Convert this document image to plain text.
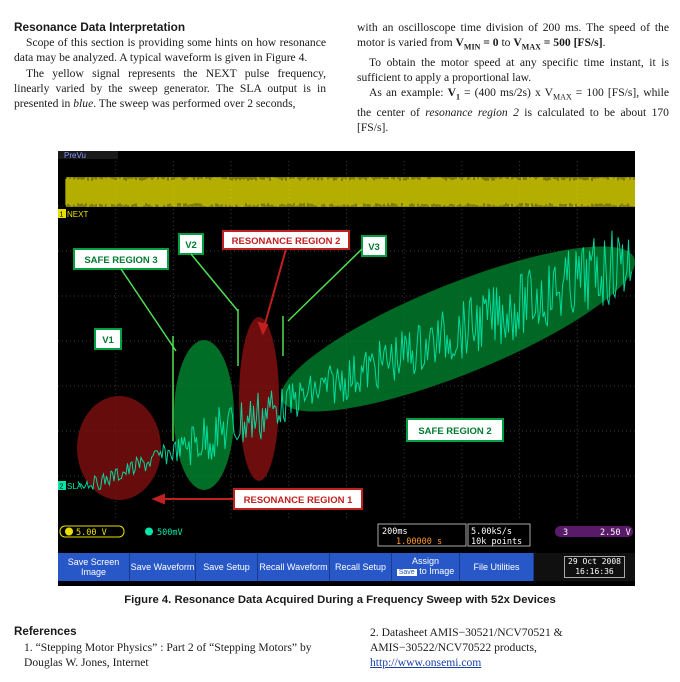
Resonance Data Interpretation

Scope of this section is providing some hints on how resonance data may be analyzed. A typical waveform is given in Figure 4.

The yellow signal represents the NEXT pulse frequency, linearly varied by the sweep generator. The SLA output is in presented in blue. The sweep was performed over 2 seconds,

with an oscilloscope time division of 200 ms. The speed of the motor is varied from $V_{MIN} = 0$ to $V_{MAX} = 500$ [FS/s].

To obtain the motor speed at any specific time instant, it is sufficient to apply a proportional law.

As an example: $V_1 = (400$ ms/2s) x $V_{MAX} = 100$ [FS/s], while the center of resonance region 2 is calculated to be about 170 [FS/s].

PreVu
1 NEXT
2 SLA
SAFE REGION 3
V2	RESONANCE REGION 2
V3
V1
SAFE REGION 2
RESONANCE REGION 1
5.00 V	500mV	200ms
1.00000 s
5.00kS/s
10k points
3	2.50 V
Save Screen Image	Save Waveform Save Setup	Recall Waveform Recall Setup
Assign
Save to Image	File Utilities
29 Oct 2008
16:16:36
Figure 4. Resonance Data Acquired During a Frequency Sweep with 52x Devices
References
1. “Stepping Motor Physics” : Part 2 of “Stepping Motors” by Douglas W. Jones, Internet
2. Datasheet AMIS−30521/NCV70521 & AMIS−30522/NCV70522 products,
http://www.onsemi.com
